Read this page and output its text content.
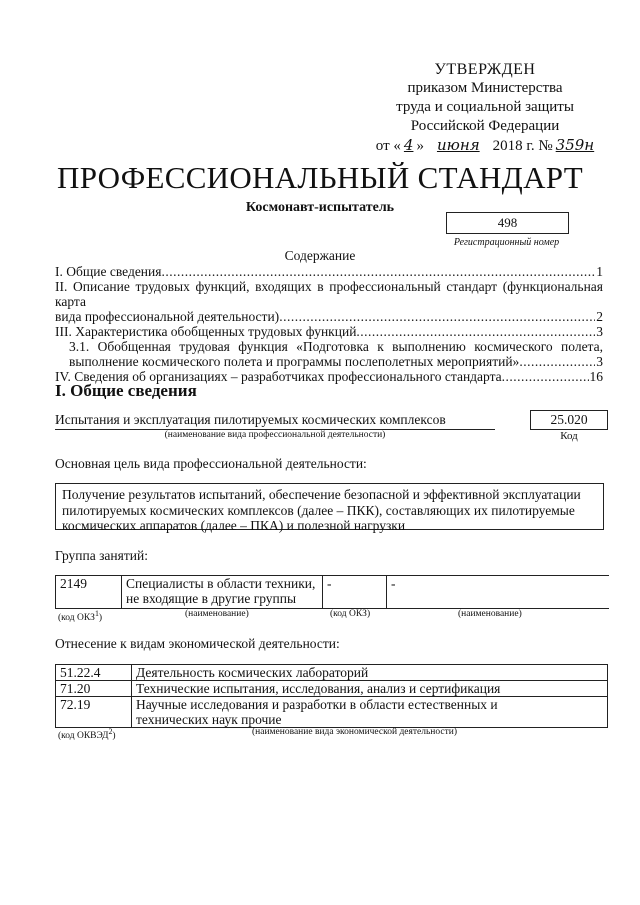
УТВЕРЖДЕН
приказом Министерства
труда и социальной защиты
Российской Федерации
от « 4 » июня 2018 г. № 359н
ПРОФЕССИОНАЛЬНЫЙ СТАНДАРТ
Космонавт-испытатель
498
Регистрационный номер
Содержание
I. Общие сведения .....	1
II. Описание трудовых функций, входящих в профессиональный стандарт (функциональная карта
вида профессиональной деятельности) .....	2
III. Характеристика обобщенных трудовых функций .....	3
3.1. Обобщенная трудовая функция «Подготовка к выполнению космического полета,
выполнение космического полета и программы послеполетных мероприятий» .....	3
IV. Сведения об организациях – разработчиках профессионального стандарта .....	16
I. Общие сведения
Испытания и эксплуатация пилотируемых космических комплексов
(наименование вида профессиональной деятельности)
25.020
Код
Основная цель вида профессиональной деятельности:
Получение результатов испытаний, обеспечение безопасной и эффективной эксплуатации пилотируемых космических комплексов (далее – ПКК), составляющих их пилотируемые космических аппаратов (далее – ПКА) и полезной нагрузки
Группа занятий:
2149	Специалисты в области техники, не входящие в другие группы	-	-
(код ОКЗ$^1$)	(наименование)	(код ОКЗ)	(наименование)
Отнесение к видам экономической деятельности:
51.22.4	Деятельность космических лабораторий
71.20	Технические испытания, исследования, анализ и сертификация
72.19	Научные исследования и разработки в области естественных и технических наук прочие
(код ОКВЭД$^2$)	(наименование вида экономической деятельности)
